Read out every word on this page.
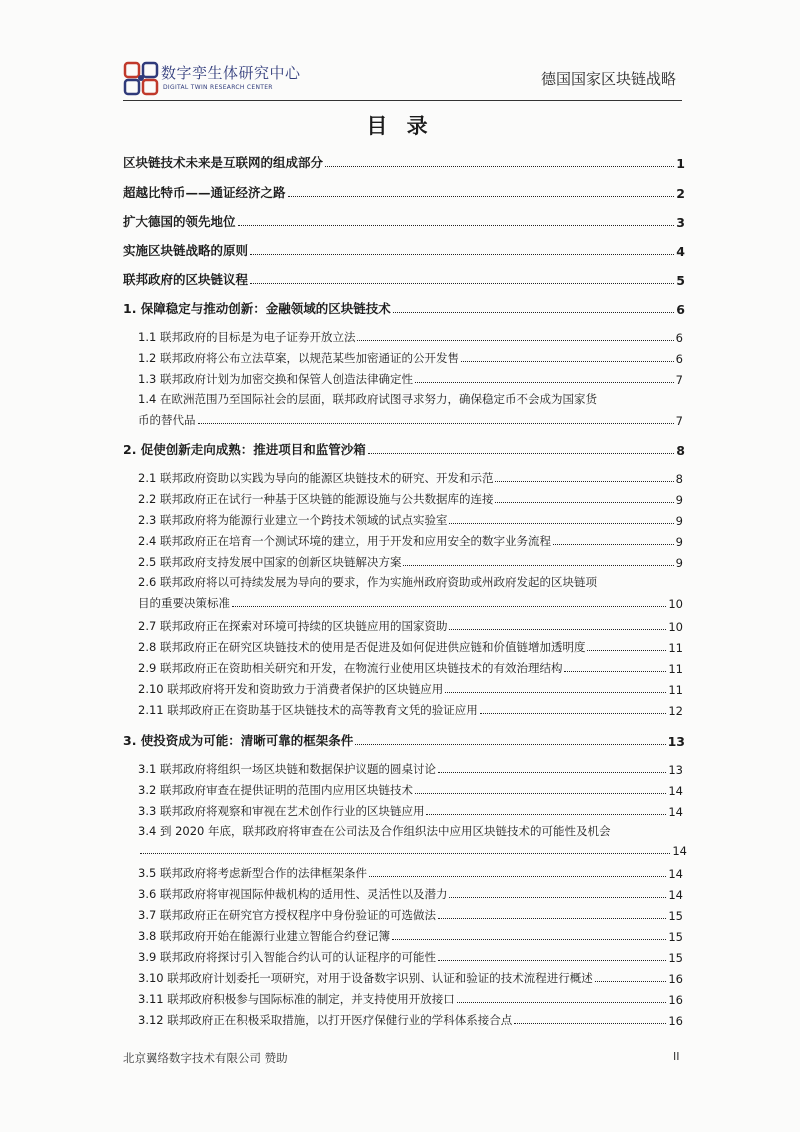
数字孪生体研究中心
DIGITAL TWIN RESEARCH CENTER	德国国家区块链战略
目 录
区块链技术未来是互联网的组成部分	1
超越比特币——通证经济之路	2
扩大德国的领先地位	3
实施区块链战略的原则	4
联邦政府的区块链议程	5
1. 保障稳定与推动创新：金融领域的区块链技术	6
1.1 联邦政府的目标是为电子证券开放立法	6
1.2 联邦政府将公布立法草案，以规范某些加密通证的公开发售	6
1.3 联邦政府计划为加密交换和保管人创造法律确定性	7
1.4 在欧洲范围乃至国际社会的层面，联邦政府试图寻求努力，确保稳定币不会成为国家货
币的替代品	7
2. 促使创新走向成熟：推进项目和监管沙箱	8
2.1 联邦政府资助以实践为导向的能源区块链技术的研究、开发和示范	8
2.2 联邦政府正在试行一种基于区块链的能源设施与公共数据库的连接	9
2.3 联邦政府将为能源行业建立一个跨技术领域的试点实验室	9
2.4 联邦政府正在培育一个测试环境的建立，用于开发和应用安全的数字业务流程	9
2.5 联邦政府支持发展中国家的创新区块链解决方案	9
2.6 联邦政府将以可持续发展为导向的要求，作为实施州政府资助或州政府发起的区块链项
目的重要决策标准	10
2.7 联邦政府正在探索对环境可持续的区块链应用的国家资助	10
2.8 联邦政府正在研究区块链技术的使用是否促进及如何促进供应链和价值链增加透明度	11
2.9 联邦政府正在资助相关研究和开发，在物流行业使用区块链技术的有效治理结构	11
2.10 联邦政府将开发和资助致力于消费者保护的区块链应用	11
2.11 联邦政府正在资助基于区块链技术的高等教育文凭的验证应用	12
3. 使投资成为可能：清晰可靠的框架条件	13
3.1 联邦政府将组织一场区块链和数据保护议题的圆桌讨论	13
3.2 联邦政府审查在提供证明的范围内应用区块链技术	14
3.3 联邦政府将观察和审视在艺术创作行业的区块链应用	14
3.4 到 2020 年底，联邦政府将审查在公司法及合作组织法中应用区块链技术的可能性及机会
14
3.5 联邦政府将考虑新型合作的法律框架条件	14
3.6 联邦政府将审视国际仲裁机构的适用性、灵活性以及潜力	14
3.7 联邦政府正在研究官方授权程序中身份验证的可选做法	15
3.8 联邦政府开始在能源行业建立智能合约登记簿	15
3.9 联邦政府将探讨引入智能合约认可的认证程序的可能性	15
3.10 联邦政府计划委托一项研究，对用于设备数字识别、认证和验证的技术流程进行概述	16
3.11 联邦政府积极参与国际标准的制定，并支持使用开放接口	16
3.12 联邦政府正在积极采取措施，以打开医疗保健行业的学科体系接合点	16
北京翼络数字技术有限公司 赞助	II
